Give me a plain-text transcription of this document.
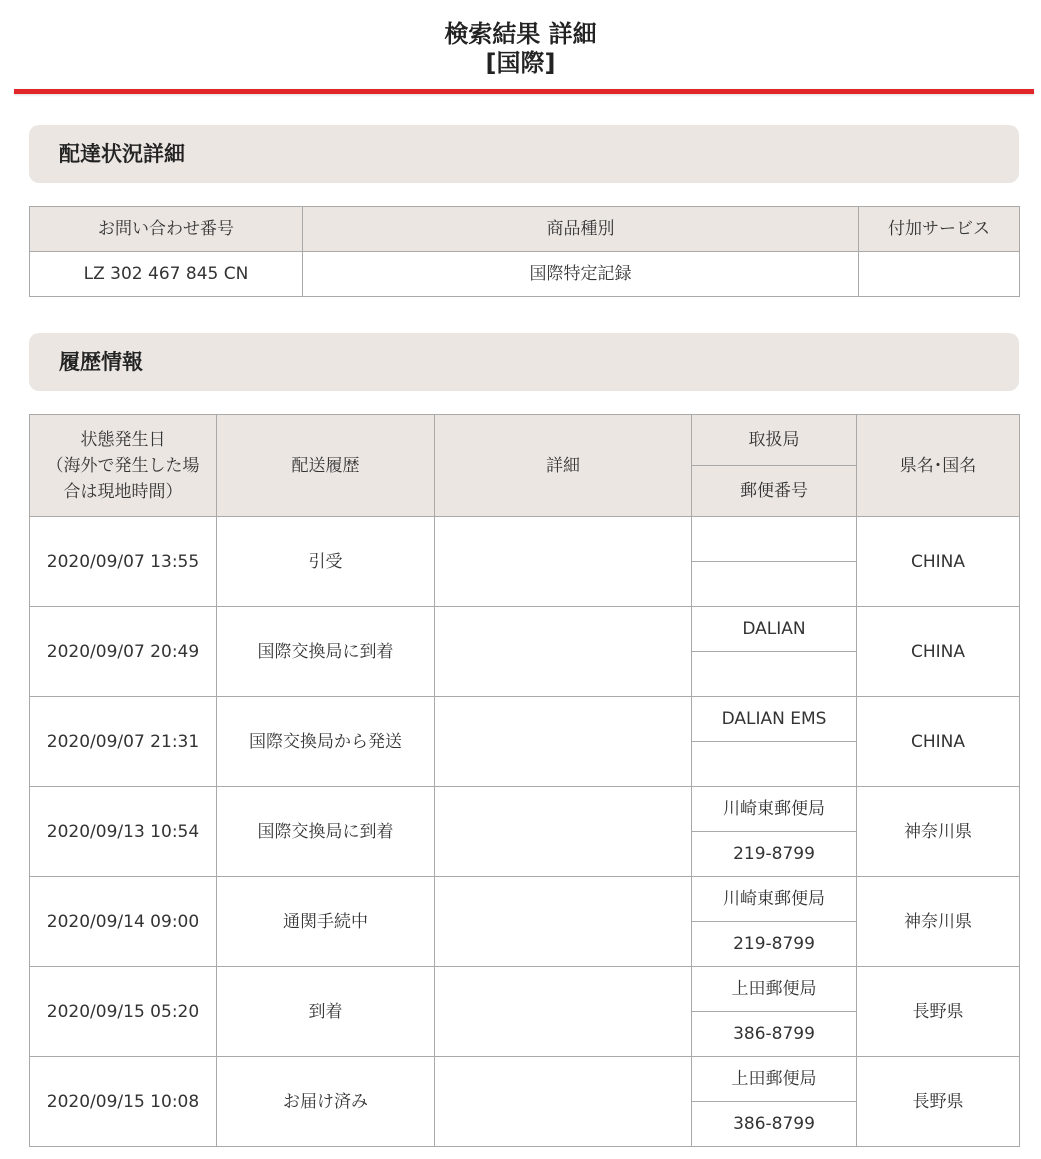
検索結果 詳細
[国際]
配達状況詳細
お問い合わせ番号	商品種別	付加サービス
LZ 302 467 845 CN	国際特定記録	
履歴情報
状態発生日
（海外で発生した場
合は現地時間）	配送履歴	詳細	取扱局	県名･国名
			郵便番号	
2020/09/07 13:55	引受			CHINA

2020/09/07 20:49	国際交換局に到着		DALIAN	CHINA

2020/09/07 21:31	国際交換局から発送		DALIAN EMS	CHINA

2020/09/13 10:54	国際交換局に到着		川崎東郵便局	神奈川県
			219-8799	
2020/09/14 09:00	通関手続中		川崎東郵便局	神奈川県
			219-8799	
2020/09/15 05:20	到着		上田郵便局	長野県
			386-8799	
2020/09/15 10:08	お届け済み		上田郵便局	長野県
			386-8799	
